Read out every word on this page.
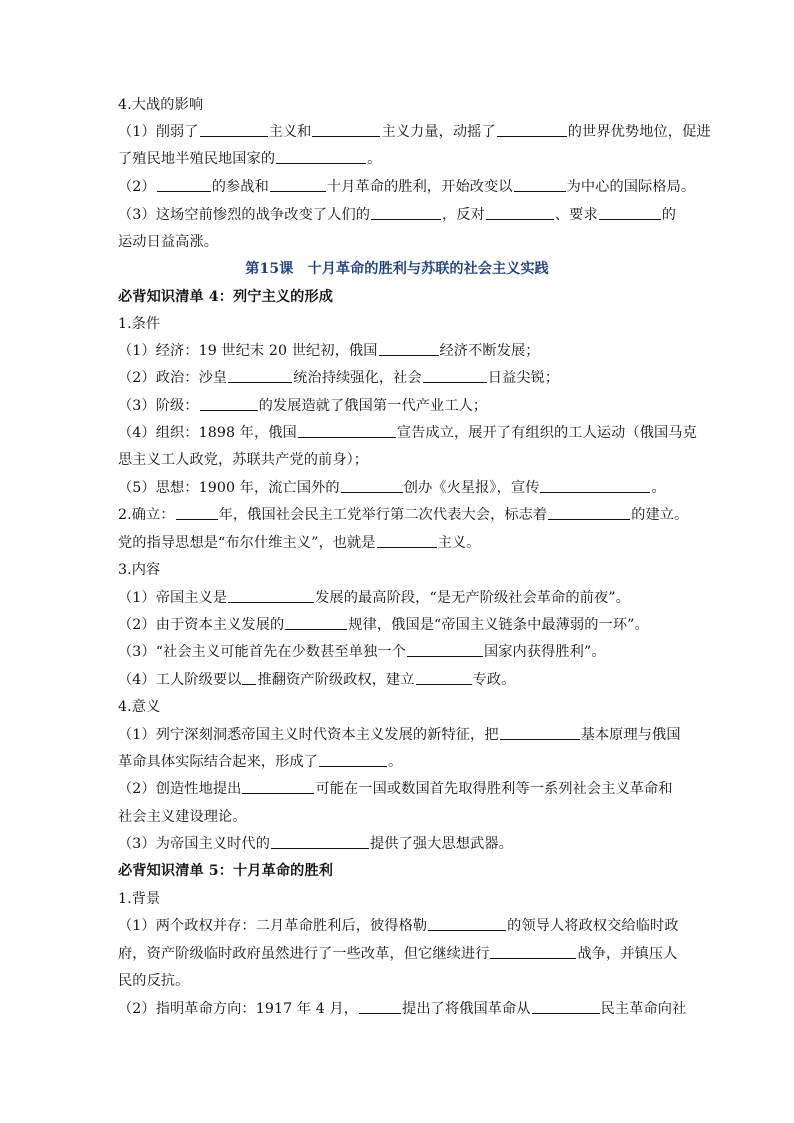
第15课　十月革命的胜利与苏联的社会主义实践
4.大战的影响
（1）削弱了	主义和	主义力量，动摇了	的世界优势地位，促进
了殖民地半殖民地国家的	。
（2）	的参战和	十月革命的胜利，开始改变以	为中心的国际格局。
（3）这场空前惨烈的战争改变了人们的	，反对	、要求	的
运动日益高涨。
必背知识清单 4：列宁主义的形成
1.条件
（1）经济：19 世纪末 20 世纪初，俄国	经济不断发展；
（2）政治：沙皇	统治持续强化，社会	日益尖锐；
（3）阶级：	的发展造就了俄国第一代产业工人；
（4）组织：1898 年，俄国	宣告成立，展开了有组织的工人运动（俄国马克
思主义工人政党，苏联共产党的前身）；
（5）思想：1900 年，流亡国外的	创办《火星报》，宣传	。
2.确立：	年，俄国社会民主工党举行第二次代表大会，标志着	的建立。
党的指导思想是“布尔什维主义”，也就是	主义。
3.内容
（1）帝国主义是	发展的最高阶段，“是无产阶级社会革命的前夜”。
（2）由于资本主义发展的	规律，俄国是“帝国主义链条中最薄弱的一环”。
（3）“社会主义可能首先在少数甚至单独一个	国家内获得胜利”。
（4）工人阶级要以 推翻资产阶级政权，建立	专政。
4.意义
（1）列宁深刻洞悉帝国主义时代资本主义发展的新特征，把	基本原理与俄国
革命具体实际结合起来，形成了	。
（2）创造性地提出	可能在一国或数国首先取得胜利等一系列社会主义革命和
社会主义建设理论。
（3）为帝国主义时代的	提供了强大思想武器。
必背知识清单 5：十月革命的胜利
1.背景
（1）两个政权并存：二月革命胜利后，彼得格勒	的领导人将政权交给临时政
府，资产阶级临时政府虽然进行了一些改革，但它继续进行	战争，并镇压人
民的反抗。
（2）指明革命方向：1917 年 4 月，	提出了将俄国革命从	民主革命向社
